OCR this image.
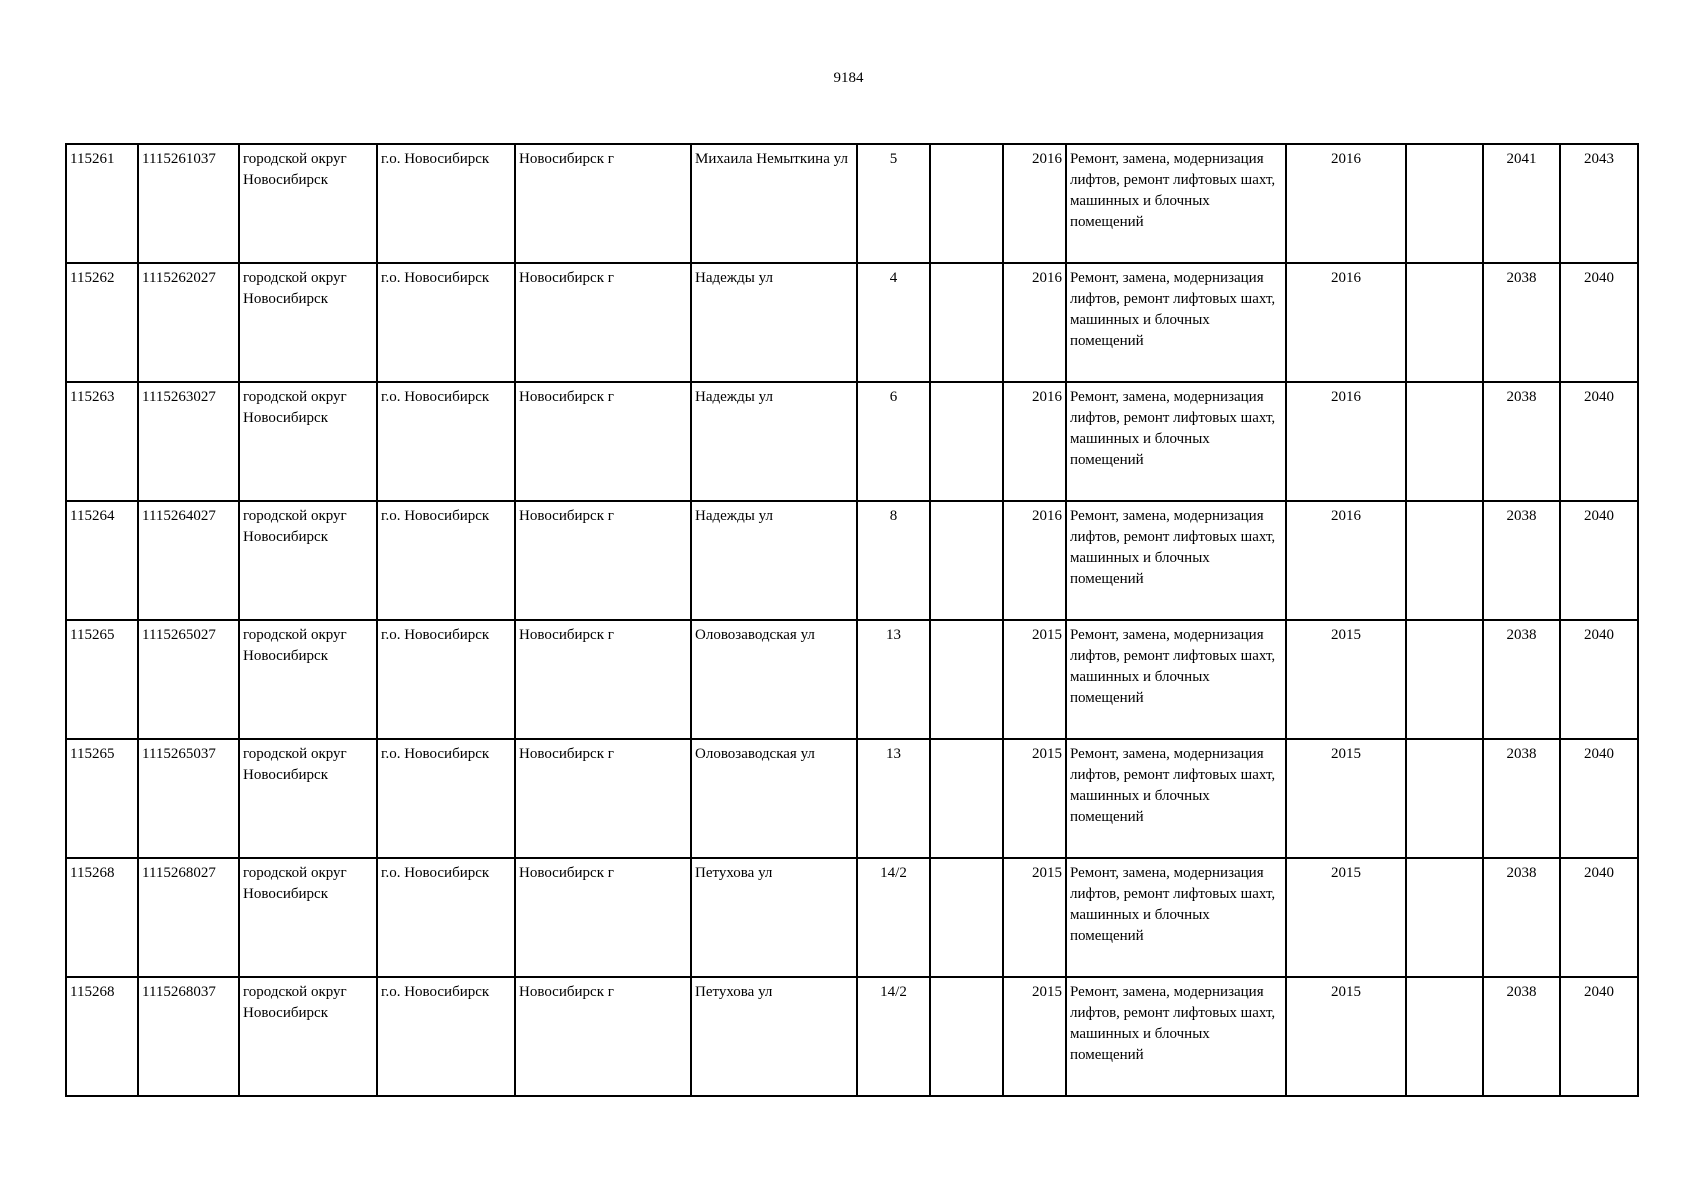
9184
115261	1115261037	городской округ Новосибирск	г.о. Новосибирск	Новосибирск г	Михаила Немыткина ул	5		2016	Ремонт, замена, модернизация лифтов, ремонт лифтовых шахт, машинных и блочных помещений	2016		2041	2043
115262	1115262027	городской округ Новосибирск	г.о. Новосибирск	Новосибирск г	Надежды ул	4		2016	Ремонт, замена, модернизация лифтов, ремонт лифтовых шахт, машинных и блочных помещений	2016		2038	2040
115263	1115263027	городской округ Новосибирск	г.о. Новосибирск	Новосибирск г	Надежды ул	6		2016	Ремонт, замена, модернизация лифтов, ремонт лифтовых шахт, машинных и блочных помещений	2016		2038	2040
115264	1115264027	городской округ Новосибирск	г.о. Новосибирск	Новосибирск г	Надежды ул	8		2016	Ремонт, замена, модернизация лифтов, ремонт лифтовых шахт, машинных и блочных помещений	2016		2038	2040
115265	1115265027	городской округ Новосибирск	г.о. Новосибирск	Новосибирск г	Оловозаводская ул	13		2015	Ремонт, замена, модернизация лифтов, ремонт лифтовых шахт, машинных и блочных помещений	2015		2038	2040
115265	1115265037	городской округ Новосибирск	г.о. Новосибирск	Новосибирск г	Оловозаводская ул	13		2015	Ремонт, замена, модернизация лифтов, ремонт лифтовых шахт, машинных и блочных помещений	2015		2038	2040
115268	1115268027	городской округ Новосибирск	г.о. Новосибирск	Новосибирск г	Петухова ул	14/2		2015	Ремонт, замена, модернизация лифтов, ремонт лифтовых шахт, машинных и блочных помещений	2015		2038	2040
115268	1115268037	городской округ Новосибирск	г.о. Новосибирск	Новосибирск г	Петухова ул	14/2		2015	Ремонт, замена, модернизация лифтов, ремонт лифтовых шахт, машинных и блочных помещений	2015		2038	2040
